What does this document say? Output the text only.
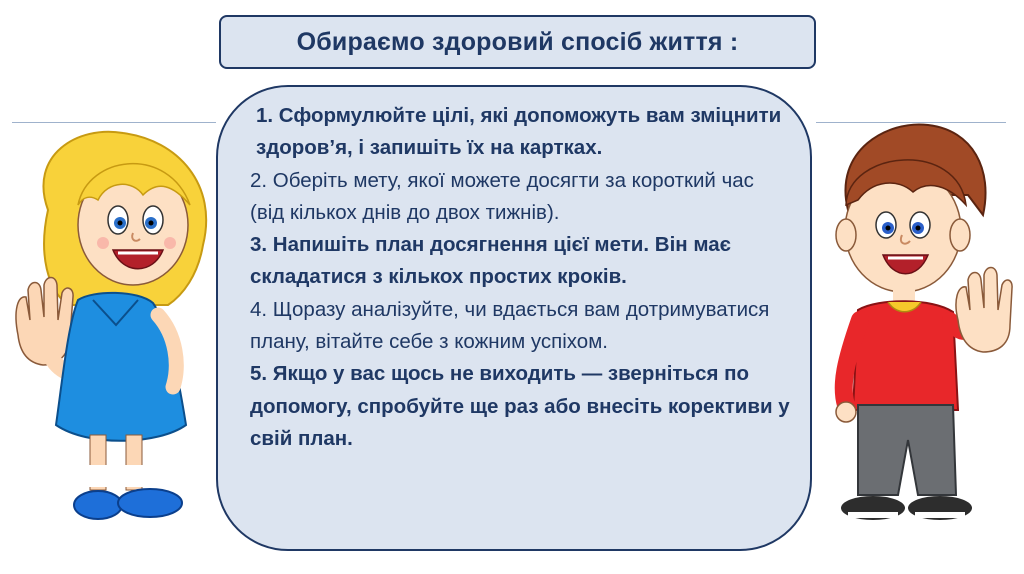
Обираємо здоровий спосіб життя :
1. Сформулюйте цілі, які допоможуть вам зміцнити здоров’я, і запишіть їх на картках.
2. Оберіть мету, якої можете досягти за короткий час (від кількох днів до двох тижнів).
3. Напишіть план досягнення цієї мети. Він має складатися з кількох простих кроків.
4. Щоразу аналізуйте, чи вдається вам дотримуватися плану, вітайте себе з кожним успіхом.
5. Якщо у вас щось не виходить — зверніться по допомогу, спробуйте ще раз або внесіть корективи у свій план.
